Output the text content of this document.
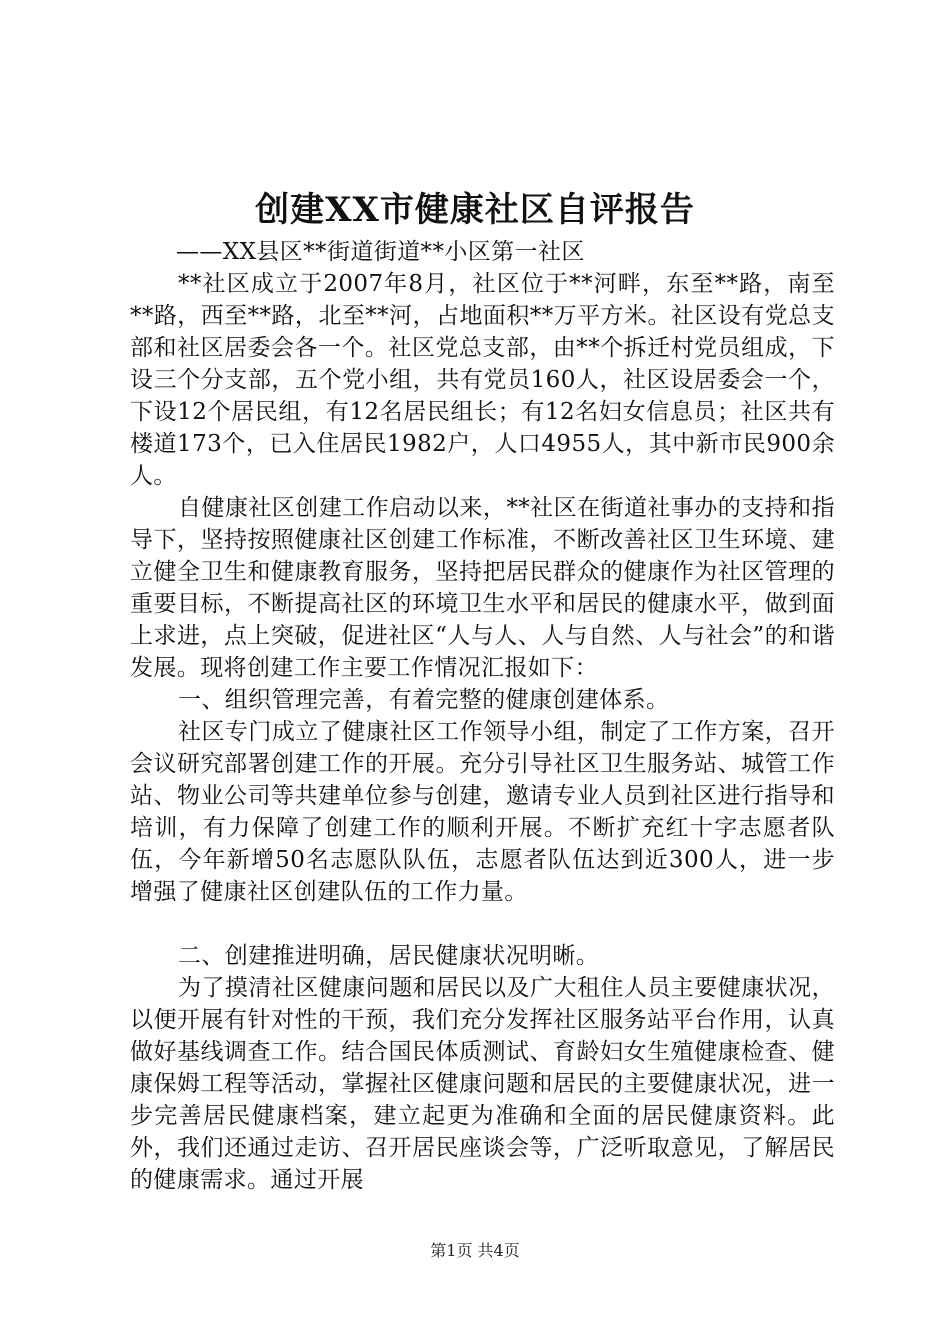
创建XX市健康社区自评报告

——XX县区**街道街道**小区第一社区

**社区成立于2007年8月，社区位于**河畔，东至**路，南至**路，西至**路，北至**河，占地面积**万平方米。社区设有党总支部和社区居委会各一个。社区党总支部，由**个拆迁村党员组成，下设三个分支部，五个党小组，共有党员160人，社区设居委会一个，下设12个居民组，有12名居民组长；有12名妇女信息员；社区共有楼道173个，已入住居民1982户，人口4955人，其中新市民900余人。

自健康社区创建工作启动以来，**社区在街道社事办的支持和指导下，坚持按照健康社区创建工作标准，不断改善社区卫生环境、建立健全卫生和健康教育服务，坚持把居民群众的健康作为社区管理的重要目标，不断提高社区的环境卫生水平和居民的健康水平，做到面上求进，点上突破，促进社区“人与人、人与自然、人与社会”的和谐发展。现将创建工作主要工作情况汇报如下：

一、组织管理完善，有着完整的健康创建体系。

社区专门成立了健康社区工作领导小组，制定了工作方案，召开会议研究部署创建工作的开展。充分引导社区卫生服务站、城管工作站、物业公司等共建单位参与创建，邀请专业人员到社区进行指导和培训，有力保障了创建工作的顺利开展。不断扩充红十字志愿者队伍，今年新增50名志愿队队伍，志愿者队伍达到近300人，进一步增强了健康社区创建队伍的工作力量。

二、创建推进明确，居民健康状况明晰。

为了摸清社区健康问题和居民以及广大租住人员主要健康状况，以便开展有针对性的干预，我们充分发挥社区服务站平台作用，认真做好基线调查工作。结合国民体质测试、育龄妇女生殖健康检查、健康保姆工程等活动，掌握社区健康问题和居民的主要健康状况，进一步完善居民健康档案，建立起更为准确和全面的居民健康资料。此外，我们还通过走访、召开居民座谈会等，广泛听取意见，了解居民的健康需求。通过开展

第1页 共4页
